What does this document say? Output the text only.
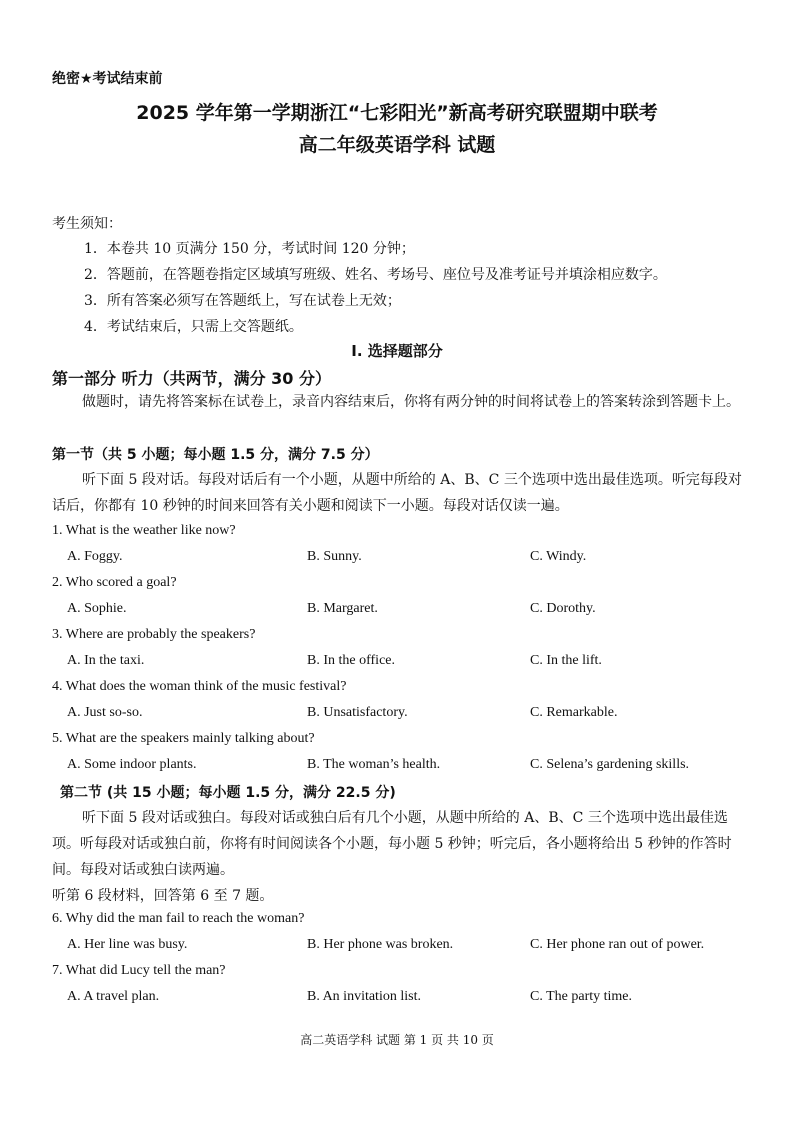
绝密★考试结束前
2025 学年第一学期浙江“七彩阳光”新高考研究联盟期中联考
高二年级英语学科 试题
考生须知：
1．本卷共 10 页满分 150 分，考试时间 120 分钟；
2．答题前，在答题卷指定区域填写班级、姓名、考场号、座位号及准考证号并填涂相应数字。
3．所有答案必须写在答题纸上，写在试卷上无效；
4．考试结束后，只需上交答题纸。
I. 选择题部分
第一部分 听力（共两节，满分 30 分）
做题时，请先将答案标在试卷上，录音内容结束后，你将有两分钟的时间将试卷上的答案转涂到答题卡上。
第一节（共 5 小题；每小题 1.5 分，满分 7.5 分）
听下面 5 段对话。每段对话后有一个小题，从题中所给的 A、B、C 三个选项中选出最佳选项。听完每段对话后，你都有 10 秒钟的时间来回答有关小题和阅读下一小题。每段对话仅读一遍。
1. What is the weather like now?
A. Foggy.	B. Sunny.	C. Windy.
2. Who scored a goal?
A. Sophie.	B. Margaret.	C. Dorothy.
3. Where are probably the speakers?
A. In the taxi.	B. In the office.	C. In the lift.
4. What does the woman think of the music festival?
A. Just so-so.	B. Unsatisfactory.	C. Remarkable.
5. What are the speakers mainly talking about?
A. Some indoor plants.	B. The woman’s health.	C. Selena’s gardening skills.
第二节 (共 15 小题；每小题 1.5 分，满分 22.5 分)
听下面 5 段对话或独白。每段对话或独白后有几个小题，从题中所给的 A、B、C 三个选项中选出最佳选项。听每段对话或独白前，你将有时间阅读各个小题，每小题 5 秒钟；听完后，各小题将给出 5 秒钟的作答时间。每段对话或独白读两遍。
听第 6 段材料，回答第 6 至 7 题。
6. Why did the man fail to reach the woman?
A. Her line was busy.	B. Her phone was broken.	C. Her phone ran out of power.
7. What did Lucy tell the man?
A. A travel plan.	B. An invitation list.	C. The party time.
高二英语学科 试题 第 1 页 共 10 页
